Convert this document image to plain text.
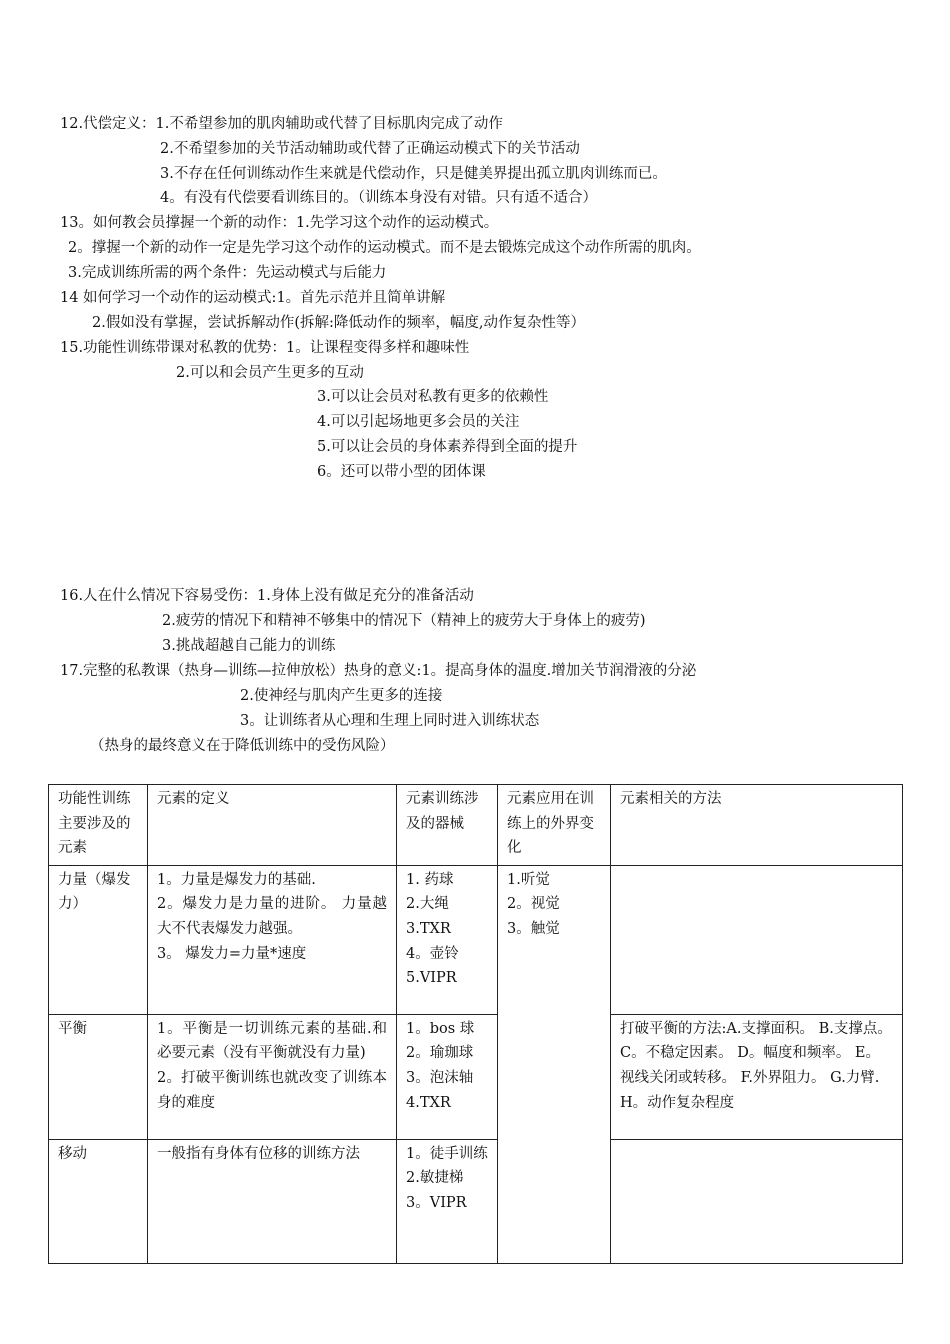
12.代偿定义：1.不希望参加的肌肉辅助或代替了目标肌肉完成了动作
2.不希望参加的关节活动辅助或代替了正确运动模式下的关节活动
3.不存在任何训练动作生来就是代偿动作，只是健美界提出孤立肌肉训练而已。
4。有没有代偿要看训练目的。（训练本身没有对错。只有适不适合）
13。如何教会员撑握一个新的动作：1.先学习这个动作的运动模式。
2。撑握一个新的动作一定是先学习这个动作的运动模式。而不是去锻炼完成这个动作所需的肌肉。
3.完成训练所需的两个条件：先运动模式与后能力
14 如何学习一个动作的运动模式:1。首先示范并且简单讲解
2.假如没有掌握，尝试拆解动作(拆解:降低动作的频率，幅度,动作复杂性等）
15.功能性训练带课对私教的优势：1。让课程变得多样和趣味性
2.可以和会员产生更多的互动
3.可以让会员对私教有更多的依赖性
4.可以引起场地更多会员的关注
5.可以让会员的身体素养得到全面的提升
6。还可以带小型的团体课
16.人在什么情况下容易受伤：1.身体上没有做足充分的准备活动
2.疲劳的情况下和精神不够集中的情况下（精神上的疲劳大于身体上的疲劳)
3.挑战超越自己能力的训练
17.完整的私教课（热身—训练—拉伸放松）热身的意义:1。提高身体的温度.增加关节润滑液的分泌
2.使神经与肌肉产生更多的连接
3。让训练者从心理和生理上同时进入训练状态
（热身的最终意义在于降低训练中的受伤风险）
功能性训练主要涉及的元素	元素的定义	元素训练涉及的器械	元素应用在训练上的外界变化	元素相关的方法
力量（爆发力）	1。力量是爆发力的基础.
2。爆发力是力量的进阶。 力量越大不代表爆发力越强。
3。 爆发力=力量*速度	1. 药球
2.大绳
3.TXR
4。壶铃
5.VIPR	1.听觉
2。视觉
3。触觉	

平衡	1。平衡是一切训练元素的基础.和必要元素（没有平衡就没有力量)
2。打破平衡训练也就改变了训练本身的难度	1。bos 球
2。瑜珈球
3。泡沫轴
4.TXR		打破平衡的方法:A.支撑面积。 B.支撑点。 C。不稳定因素。 D。幅度和频率。 E。视线关闭或转移。 F.外界阻力。 G.力臂. H。动作复杂程度
移动	一般指有身体有位移的训练方法	1。徒手训练
2.敏捷梯
3。VIPR		
